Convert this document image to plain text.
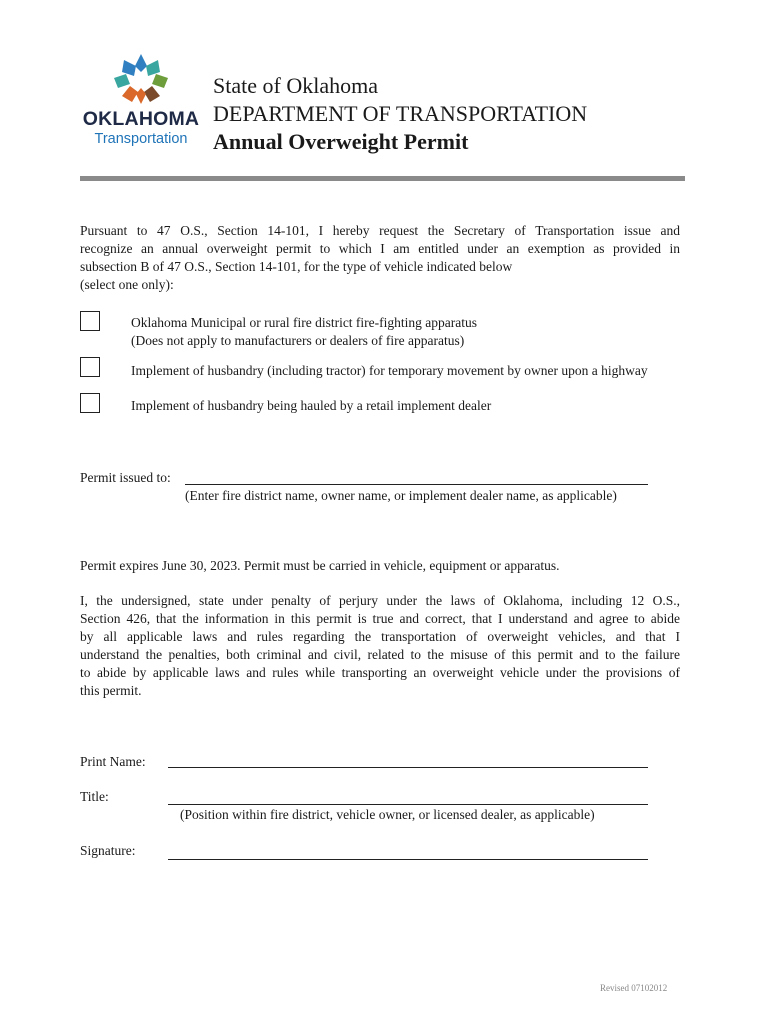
OKLAHOMA
Transportation
State of Oklahoma
DEPARTMENT OF TRANSPORTATION
Annual Overweight Permit
Pursuant to 47 O.S., Section 14-101, I hereby request the Secretary of Transportation issue and
recognize an annual overweight permit to which I am entitled under an exemption as provided in
subsection B of 47 O.S., Section 14-101, for the type of vehicle indicated below
(select one only):
Oklahoma Municipal or rural fire district fire-fighting apparatus
(Does not apply to manufacturers or dealers of fire apparatus)
Implement of husbandry (including tractor) for temporary movement by owner upon a highway
Implement of husbandry being hauled by a retail implement dealer
Permit issued to:
(Enter fire district name, owner name, or implement dealer name, as applicable)
Permit expires June 30, 2023. Permit must be carried in vehicle, equipment or apparatus.
I, the undersigned, state under penalty of perjury under the laws of Oklahoma, including 12 O.S.,
Section 426, that the information in this permit is true and correct, that I understand and agree to abide
by all applicable laws and rules regarding the transportation of overweight vehicles, and that I
understand the penalties, both criminal and civil, related to the misuse of this permit and to the failure
to abide by applicable laws and rules while transporting an overweight vehicle under the provisions of
this permit.
Print Name:
Title:
(Position within fire district, vehicle owner, or licensed dealer, as applicable)
Signature:
Revised 07102012
